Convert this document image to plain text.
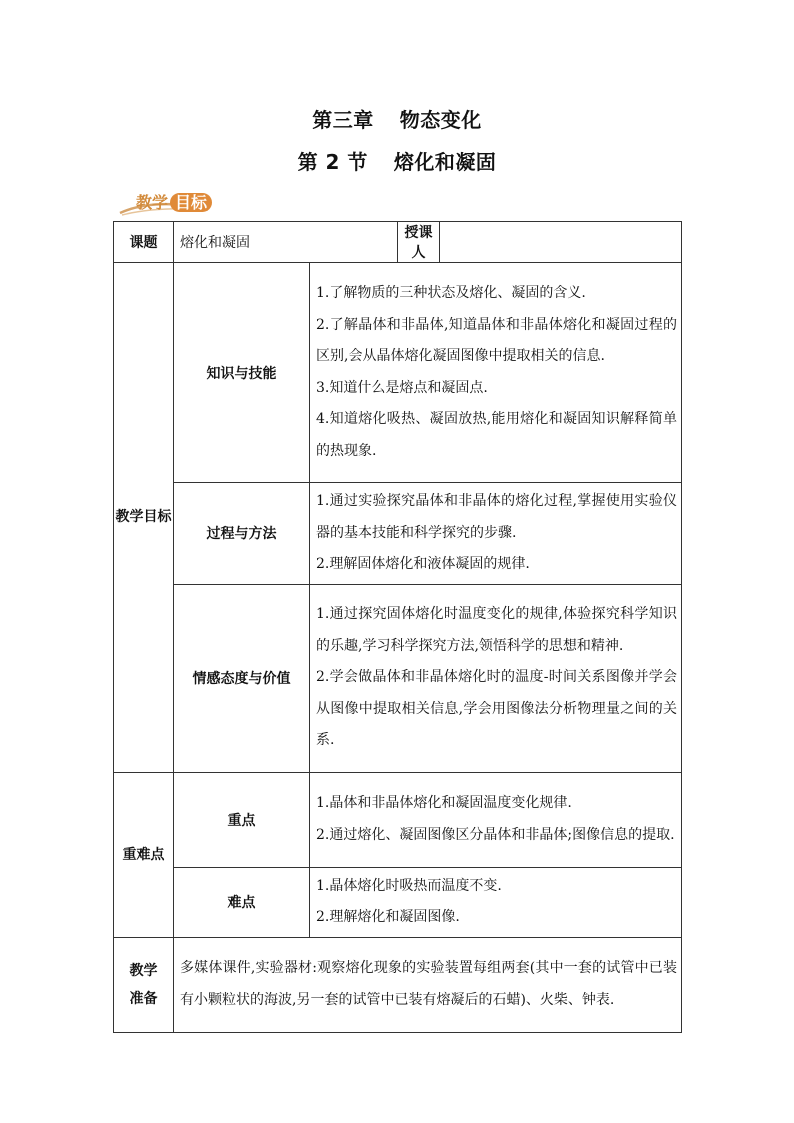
第三章 物态变化
第 2 节 熔化和凝固
教学 目标
课题	熔化和凝固		授课人	
教学目标	知识与技能	1.了解物质的三种状态及熔化、凝固的含义.

2.了解晶体和非晶体,知道晶体和非晶体熔化和凝固过程的区别,会从晶体熔化凝固图像中提取相关的信息.

3.知道什么是熔点和凝固点.

4.知道熔化吸热、凝固放热,能用熔化和凝固知识解释简单的热现象.		

	过程与方法	1.通过实验探究晶体和非晶体的熔化过程,掌握使用实验仪器的基本技能和科学探究的步骤.

2.理解固体熔化和液体凝固的规律.		

	情感态度与价值	1.通过探究固体熔化时温度变化的规律,体验探究科学知识的乐趣,学习科学探究方法,领悟科学的思想和精神.

2.学会做晶体和非晶体熔化时的温度-时间关系图像并学会从图像中提取相关信息,学会用图像法分析物理量之间的关系.		

重难点	重点	1.晶体和非晶体熔化和凝固温度变化规律.

2.通过熔化、凝固图像区分晶体和非晶体;图像信息的提取.		

	难点	1.晶体熔化时吸热而温度不变.

2.理解熔化和凝固图像.		

教学准备	多媒体课件,实验器材:观察熔化现象的实验装置每组两套(其中一套的试管中已装有小颗粒状的海波,另一套的试管中已装有熔凝后的石蜡)、火柴、钟表.			
